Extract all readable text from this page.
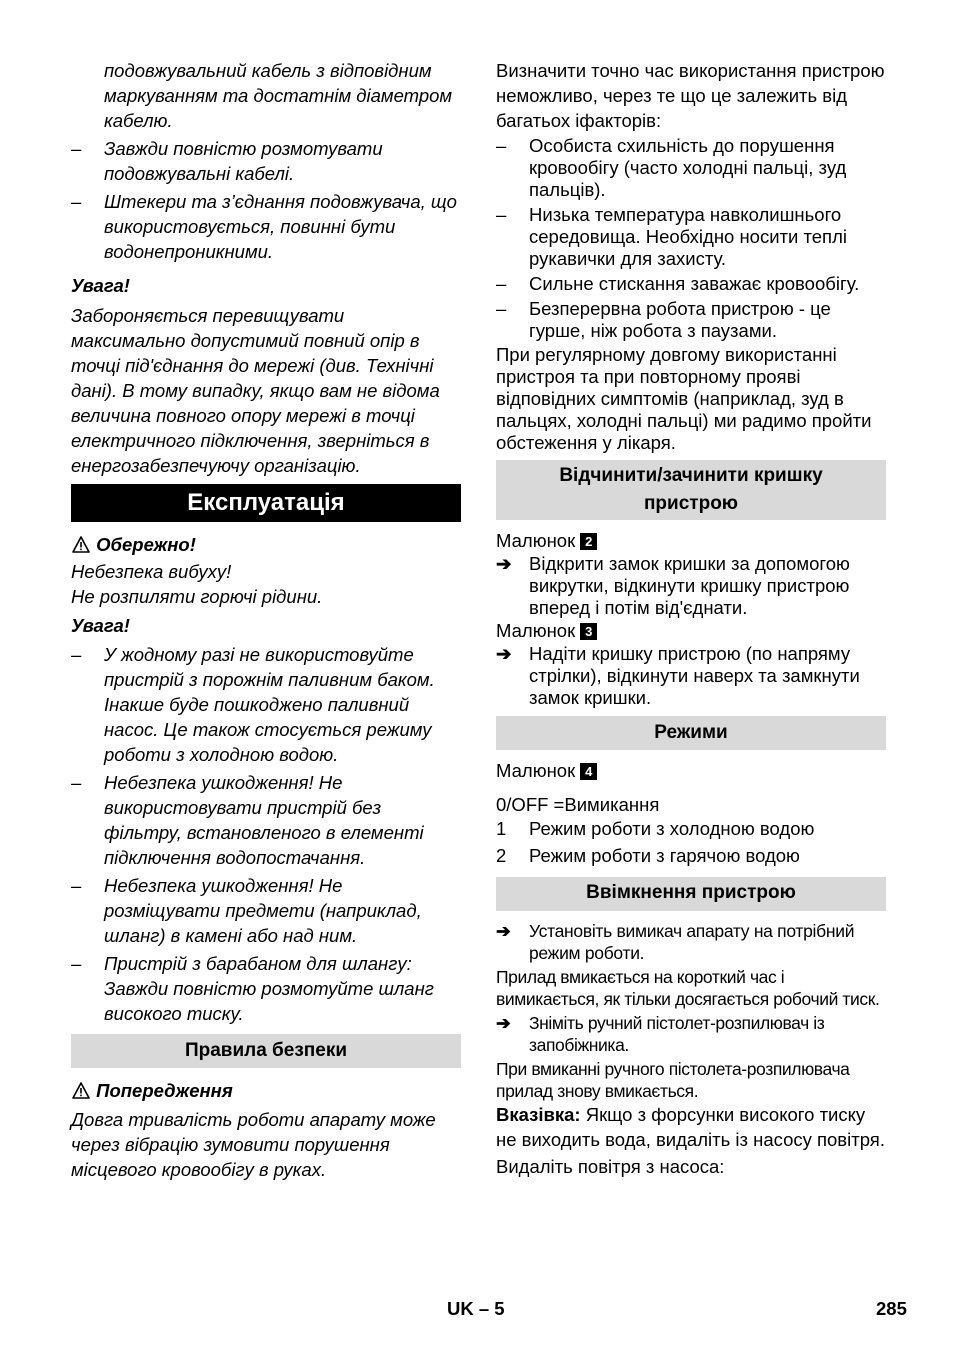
подовжувальний кабель з відповідним маркуванням та достатнім діаметром кабелю.
– Завжди повністю розмотувати подовжувальні кабелі.
– Штекери та з’єднання подовжувача, що використовується, повинні бути водонепроникними.

Увага!

Забороняється перевищувати максимально допустимий повний опір в точці під'єднання до мережі (див. Технічні дані). В тому випадку, якщо вам не відома величина повного опору мережі в точці електричного підключення, зверніться в енергозабезпечуючу організацію.

Експлуатація

Обережно!

Небезпека вибуху!

Не розпиляти горючі рідини.

Увага!

– У жодному разі не використовуйте пристрій з порожнім паливним баком. Інакше буде пошкоджено паливний насос. Це також стосується режиму роботи з холодною водою.
– Небезпека ушкодження! Не використовувати пристрій без фільтру, встановленого в елементі підключення водопостачання.
– Небезпека ушкодження! Не розміщувати предмети (наприклад, шланг) в камені або над ним.
– Пристрій з барабаном для шлангу: Завжди повністю розмотуйте шланг високого тиску.
Правила безпеки

Попередження

Довга тривалість роботи апарату може через вібрацію зумовити порушення місцевого кровообігу в руках.

Визначити точно час використання пристрою неможливо, через те що це залежить від багатьох іфакторів:

– Особиста схильність до порушення кровообігу (часто холодні пальці, зуд пальців).
– Низька температура навколишнього середовища. Необхідно носити теплі рукавички для захисту.
– Сильне стискання заважає кровообігу.
– Безперервна робота пристрою - це гурше, ніж робота з паузами.

При регулярному довгому використанні пристроя та при повторному прояві відповідних симптомів (наприклад, зуд в пальцях, холодні пальці) ми радимо пройти обстеження у лікаря.

Відчинити/зачинити кришку пристрою

Малюнок 2

➔ Відкрити замок кришки за допомогою викрутки, відкинути кришку пристрою вперед і потім від'єднати.

Малюнок 3

➔ Надіти кришку пристрою (по напряму стрілки), відкинути наверх та замкнути замок кришки.
Режими

Малюнок 4

0/OFF =Вимикання
1 Режим роботи з холодною водою
2 Режим роботи з гарячою водою
Ввімкнення пристрою
➔ Установіть вимикач апарату на потрібний режим роботи.

Прилад вмикається на короткий час і вимикається, як тільки досягається робочий тиск.

➔ Зніміть ручний пістолет-розпилювач із запобіжника.

При вмиканні ручного пістолета-розпилювача прилад знову вмикається.

Вказівка: Якщо з форсунки високого тиску не виходить вода, видаліть із насосу повітря.

Видаліть повітря з насоса:

UK – 5	285
